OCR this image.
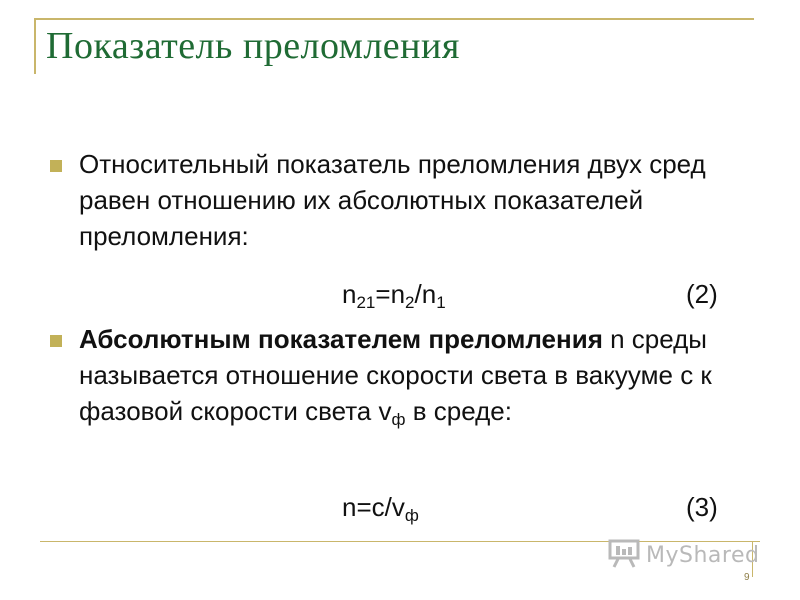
Показатель преломления
Относительный показатель преломления двух сред равен отношению их абсолютных показателей преломления:
$n_{21}=n_2/n_1$	(2)
Абсолютным показателем преломления n среды называется отношение скорости света в вакууме c к фазовой скорости света $v_ф$ в среде:
$n=c/v_ф$	(3)
MyShared
9
